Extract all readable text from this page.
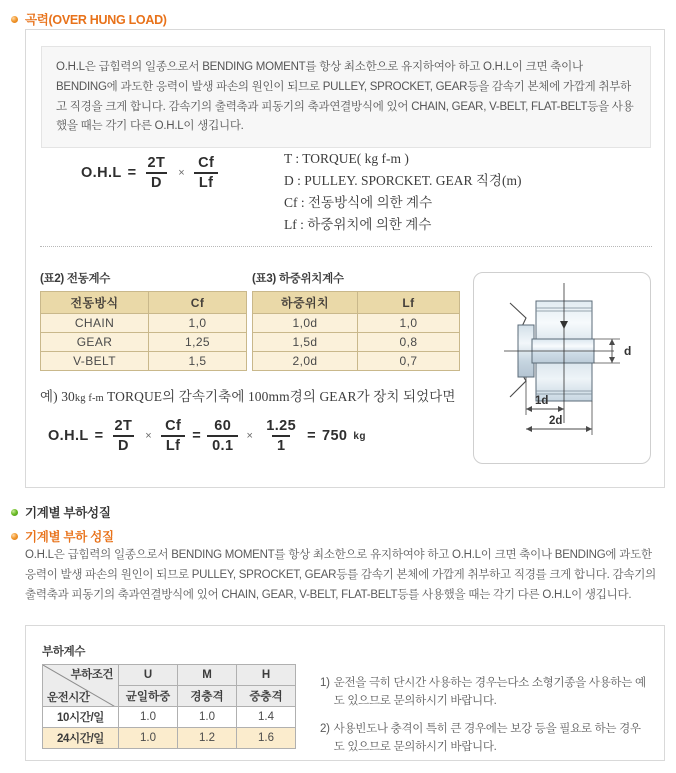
곡력(OVER HUNG LOAD)

O.H.L은 급힘력의 일종으로서 BENDING MOMENT를 항상 최소한으로 유지하여아 하고 O.H.L이 크면 축이나 BENDING에 과도한 응력이 발생 파손의 원인이 되므로 PULLEY, SPROCKET, GEAR등을 감속기 본체에 가깝게 취부하고 직경을 크게 합니다. 감속기의 출력축과 피동기의 축과연결방식에 있어 CHAIN, GEAR, V-BELT, FLAT-BELT등을 사용했을 때는 각기 다른 O.H.L이 생깁니다.

$O.H.L = \frac{2T}{D} \times \frac{Cf}{Lf}$	T : TORQUE( kg f-m )
D : PULLEY. SPORCKET. GEAR 직경(m)
Cf : 전동방식에 의한 계수
Lf : 하중위치에 의한 계수
(표2) 전동계수
전동방식	Cf
CHAIN	1,0
GEAR	1,25
V-BELT	1,5
(표3) 하중위치계수
하중위치	Lf
1,0d	1,0
1,5d	0,8
2,0d	0,7
예) 30kg f-m TORQUE의 감속기축에 100mm경의 GEAR가 장치 되었다면
$O.H.L = \frac{2T}{D} \times \frac{Cf}{Lf} = \frac{60}{0.1} \times \frac{1.25}{1} = 750$ kg
d
1d
2d
기계별 부하성질
기계별 부하 성질

O.H.L은 급힘력의 일종으로서 BENDING MOMENT를 항상 최소한으로 유지하여야 하고 O.H.L이 크면 축이나 BENDING에 과도한 응력이 발생 파손의 원인이 되므로 PULLEY, SPROCKET, GEAR등를 감속기 본체에 가깝게 취부하고 직경를 크게 합니다. 감속기의 출력축과 피동기의 축과연결방식에 있어 CHAIN, GEAR, V-BELT, FLAT-BELT등를 사용했을 때는 각기 다른 O.H.L이 생깁니다.

부하계수
부하조건
운전시간	U	M	H
	균일하중	경충격	중충격
10시간/일	1.0	1.0	1.4
24시간/일	1.0	1.2	1.6
1) 운전을 극히 단시간 사용하는 경우는다소 소형기종을 사용하는 예도 있으므로 문의하시기 바랍니다.
2) 사용빈도나 충격이 특히 큰 경우에는 보강 등을 필요로 하는 경우도 있으므로 문의하시기 바랍니다.
